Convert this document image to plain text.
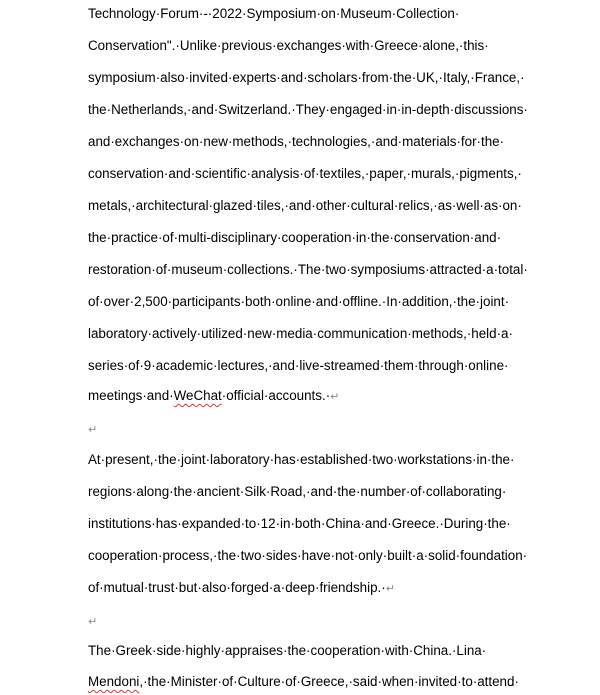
Technology·Forum·-·2022·Symposium·on·Museum·Collection·
Conservation".·Unlike·previous·exchanges·with·Greece·alone,·this·
symposium·also·invited·experts·and·scholars·from·the·UK,·Italy,·France,·
the·Netherlands,·and·Switzerland.·They·engaged·in·in-depth·discussions·
and·exchanges·on·new·methods,·technologies,·and·materials·for·the·
conservation·and·scientific·analysis·of·textiles,·paper,·murals,·pigments,·
metals,·architectural·glazed·tiles,·and·other·cultural·relics,·as·well·as·on·
the·practice·of·multi-disciplinary·cooperation·in·the·conservation·and·
restoration·of·museum·collections.·The·two·symposiums·attracted·a·total·
of·over·2,500·participants·both·online·and·offline.·In·addition,·the·joint·
laboratory·actively·utilized·new·media·communication·methods,·held·a·
series·of·9·academic·lectures,·and·live-streamed·them·through·online·
meetings·and·WeChat·official·accounts.·↵
↵
At·present,·the·joint·laboratory·has·established·two·workstations·in·the·
regions·along·the·ancient·Silk·Road,·and·the·number·of·collaborating·
institutions·has·expanded·to·12·in·both·China·and·Greece.·During·the·
cooperation·process,·the·two·sides·have·not·only·built·a·solid·foundation·
of·mutual·trust·but·also·forged·a·deep·friendship.·↵
↵
The·Greek·side·highly·appraises·the·cooperation·with·China.·Lina·
Mendoni,·the·Minister·of·Culture·of·Greece,·said·when·invited·to·attend·
